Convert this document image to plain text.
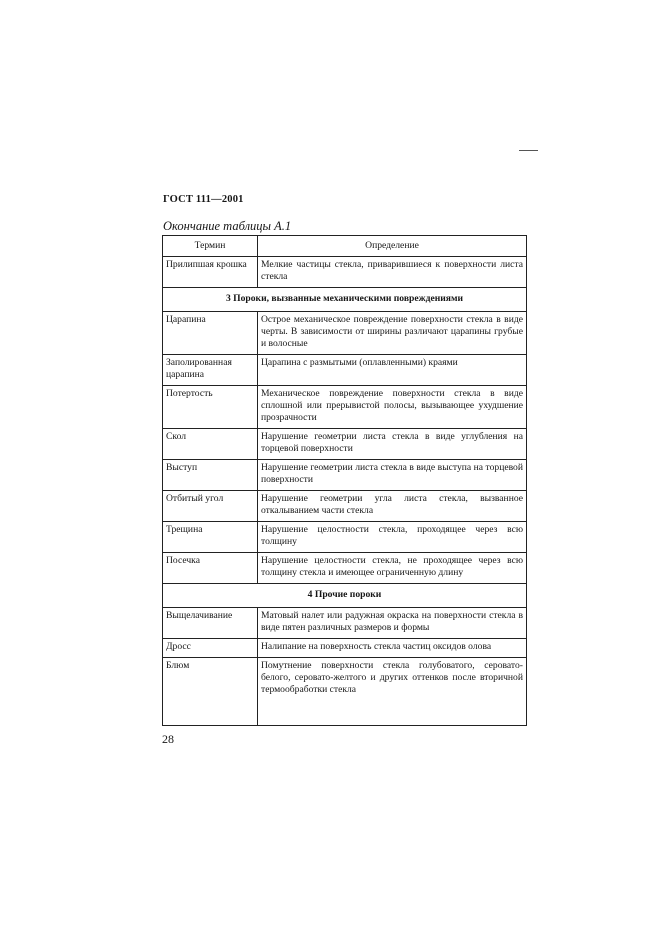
ГОСТ 111—2001
Окончание таблицы А.1
Термин	Определение
Прилипшая крошка	Мелкие частицы стекла, приварившиеся к поверхности листа стекла
3 Пороки, вызванные механическими повреждениями	
Царапина	Острое механическое повреждение поверхности стекла в виде черты. В зависимости от ширины различают царапины грубые и волосные
Заполированная царапина	Царапина с размытыми (оплавленными) краями
Потертость	Механическое повреждение поверхности стекла в виде сплошной или прерывистой полосы, вызывающее ухудшение прозрачности
Скол	Нарушение геометрии листа стекла в виде углубления на торцевой поверхности
Выступ	Нарушение геометрии листа стекла в виде выступа на торцевой поверхности
Отбитый угол	Нарушение геометрии угла листа стекла, вызванное откалыванием части стекла
Трещина	Нарушение целостности стекла, проходящее через всю толщину
Посечка	Нарушение целостности стекла, не проходящее через всю толщину стекла и имеющее ограниченную длину
4 Прочие пороки	
Выщелачивание	Матовый налет или радужная окраска на поверхности стекла в виде пятен различных размеров и формы
Дросс	Налипание на поверхность стекла частиц оксидов олова
Блюм	Помутнение поверхности стекла голубоватого, серовато-белого, серовато-желтого и других оттенков после вторичной термообработки стекла
28
